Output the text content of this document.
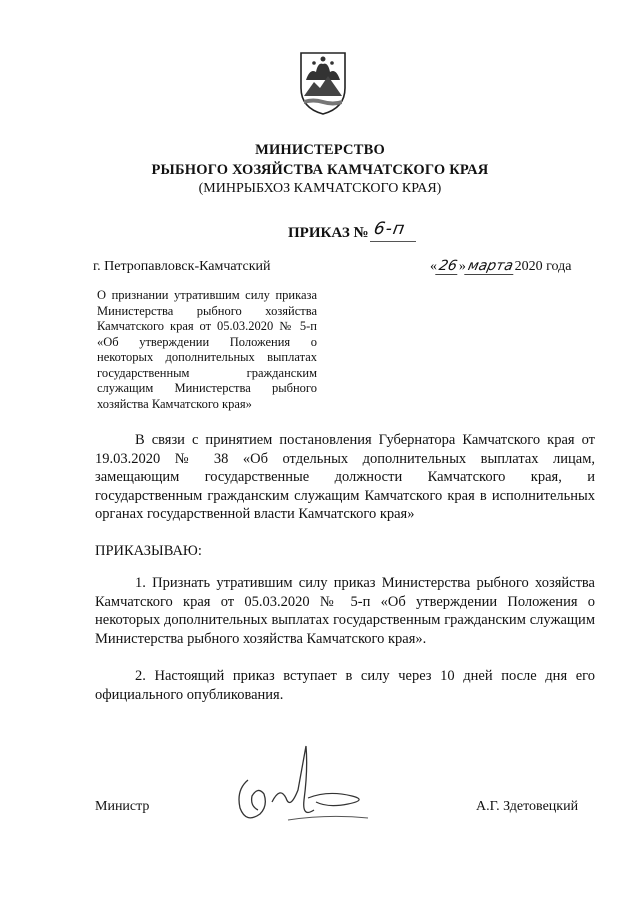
МИНИСТЕРСТВО
РЫБНОГО ХОЗЯЙСТВА КАМЧАТСКОГО КРАЯ
(МИНРЫБХОЗ КАМЧАТСКОГО КРАЯ)
ПРИКАЗ № 6-п
г. Петропавловск-Камчатский	«26»марта2020 года
О признании утратившим силу приказа Министерства рыбного хозяйства Камчатского края от 05.03.2020 № 5-п «Об утверждении Положения о некоторых дополнительных выплатах государственным гражданским служащим Министерства рыбного хозяйства Камчатского края»
В связи с принятием постановления Губернатора Камчатского края от 19.03.2020 № 38 «Об отдельных дополнительных выплатах лицам, замещающим государственные должности Камчатского края, и государственным гражданским служащим Камчатского края в исполнительных органах государственной власти Камчатского края»
ПРИКАЗЫВАЮ:
1. Признать утратившим силу приказ Министерства рыбного хозяйства Камчатского края от 05.03.2020 № 5-п «Об утверждении Положения о некоторых дополнительных выплатах государственным гражданским служащим Министерства рыбного хозяйства Камчатского края».
2. Настоящий приказ вступает в силу через 10 дней после дня его официального опубликования.
Министр	А.Г. Здетовецкий
